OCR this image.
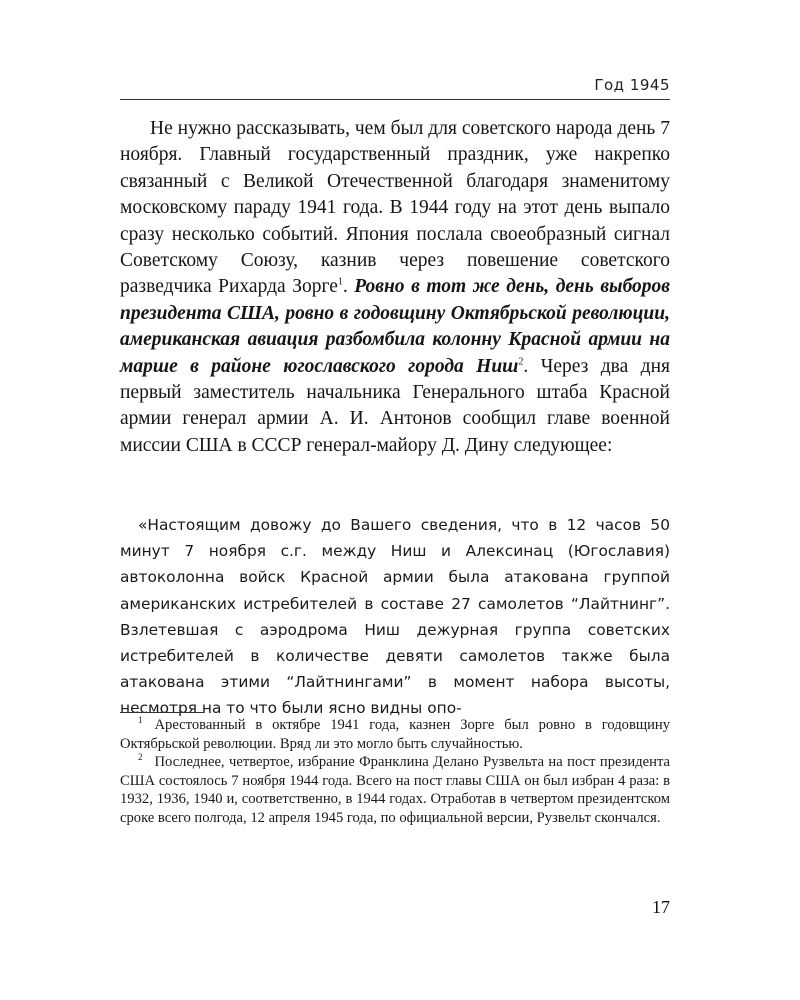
Год 1945

Не нужно рассказывать, чем был для советского народа день 7 ноября. Главный государственный праздник, уже накрепко связанный с Великой Отечественной благодаря знаменитому московскому параду 1941 года. В 1944 году на этот день выпало сразу несколько событий. Япония послала своеобразный сигнал Советскому Союзу, казнив через повешение советского разведчика Рихарда Зорге$^1$. Ровно в тот же день, день выборов президента США, ровно в годовщину Октябрьской революции, американская авиация разбомбила колонну Красной армии на марше в районе югославского города Ниш$^2$. Через два дня первый заместитель начальника Генерального штаба Красной армии генерал армии А. И. Антонов сообщил главе военной миссии США в СССР генерал-майору Д. Дину следующее:

«Настоящим довожу до Вашего сведения, что в 12 часов 50 минут 7 ноября с.г. между Ниш и Алексинац (Югославия) автоколонна войск Красной армии была атакована группой американских истребителей в составе 27 самолетов “Лайтнинг”. Взлетевшая с аэродрома Ниш дежурная группа советских истребителей в количестве девяти самолетов также была атакована этими “Лайтнингами” в момент набора высоты, несмотря на то что были ясно видны опо-

$^1$ Арестованный в октябре 1941 года, казнен Зорге был ровно в годовщину Октябрьской революции. Вряд ли это могло быть случайностью.

$^2$ Последнее, четвертое, избрание Франклина Делано Рузвельта на пост президента США состоялось 7 ноября 1944 года. Всего на пост главы США он был избран 4 раза: в 1932, 1936, 1940 и, соответственно, в 1944 годах. Отработав в четвертом президентском сроке всего полгода, 12 апреля 1945 года, по официальной версии, Рузвельт скончался.

17
